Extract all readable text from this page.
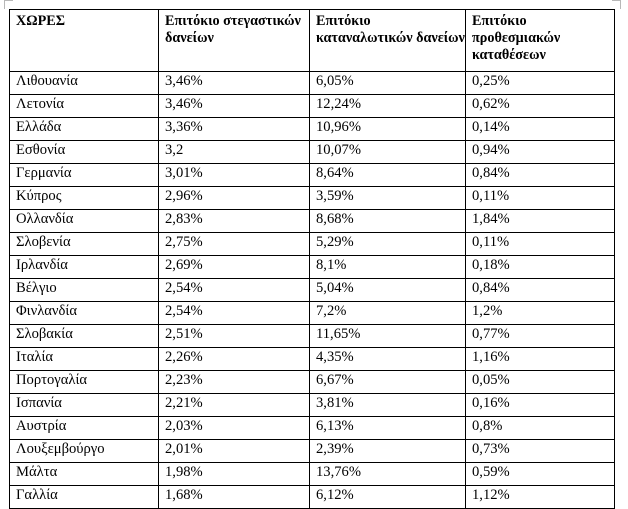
ΧΩΡΕΣ	Επιτόκιο στεγαστικών δανείων	Επιτόκιο καταναλωτικών δανείων	Επιτόκιο προθεσμιακών καταθέσεων
Λιθουανία	3,46%	6,05%	0,25%
Λετονία	3,46%	12,24%	0,62%
Ελλάδα	3,36%	10,96%	0,14%
Εσθονία	3,2	10,07%	0,94%
Γερμανία	3,01%	8,64%	0,84%
Κύπρος	2,96%	3,59%	0,11%
Ολλανδία	2,83%	8,68%	1,84%
Σλοβενία	2,75%	5,29%	0,11%
Ιρλανδία	2,69%	8,1%	0,18%
Βέλγιο	2,54%	5,04%	0,84%
Φινλανδία	2,54%	7,2%	1,2%
Σλοβακία	2,51%	11,65%	0,77%
Ιταλία	2,26%	4,35%	1,16%
Πορτογαλία	2,23%	6,67%	0,05%
Ισπανία	2,21%	3,81%	0,16%
Αυστρία	2,03%	6,13%	0,8%
Λουξεμβούργο	2,01%	2,39%	0,73%
Μάλτα	1,98%	13,76%	0,59%
Γαλλία	1,68%	6,12%	1,12%
